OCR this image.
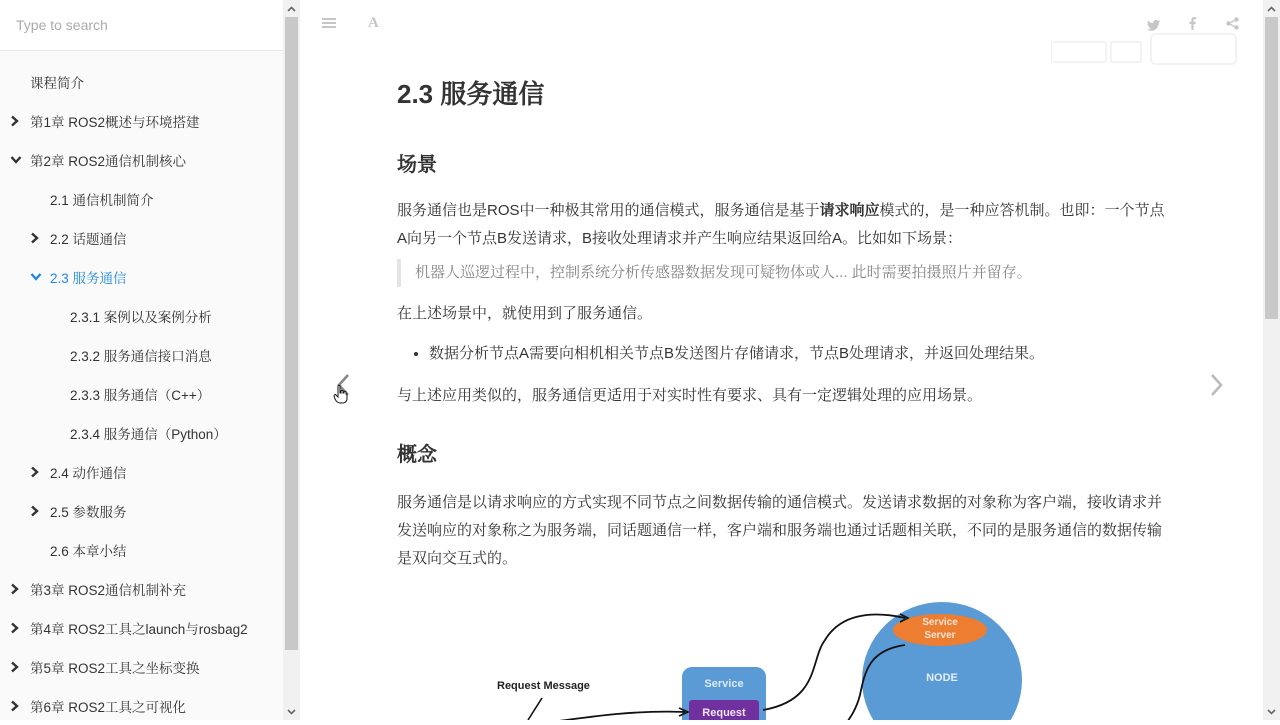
Type to search
课程简介
第1章 ROS2概述与环境搭建
第2章 ROS2通信机制核心
2.1 通信机制简介
2.2 话题通信
2.3 服务通信
2.3.1 案例以及案例分析
2.3.2 服务通信接口消息
2.3.3 服务通信（C++）
2.3.4 服务通信（Python）
2.4 动作通信
2.5 参数服务
2.6 本章小结
第3章 ROS2通信机制补充
第4章 ROS2工具之launch与rosbag2
第5章 ROS2工具之坐标变换
第6章 ROS2工具之可视化
A
2.3 服务通信
场景

服务通信也是ROS中一种极其常用的通信模式，服务通信是基于请求响应模式的，是一种应答机制。也即：一个节点A向另一个节点B发送请求，B接收处理请求并产生响应结果返回给A。比如如下场景：

机器人巡逻过程中，控制系统分析传感器数据发现可疑物体或人... 此时需要拍摄照片并留存。

在上述场景中，就使用到了服务通信。

• 数据分析节点A需要向相机相关节点B发送图片存储请求，节点B处理请求，并返回处理结果。

与上述应用类似的，服务通信更适用于对实时性有要求、具有一定逻辑处理的应用场景。

概念

服务通信是以请求响应的方式实现不同节点之间数据传输的通信模式。发送请求数据的对象称为客户端，接收请求并发送响应的对象称之为服务端，同话题通信一样，客户端和服务端也通过话题相关联，不同的是服务通信的数据传输是双向交互式的。

Request Message	Service
Request
Service
Server
NODE
